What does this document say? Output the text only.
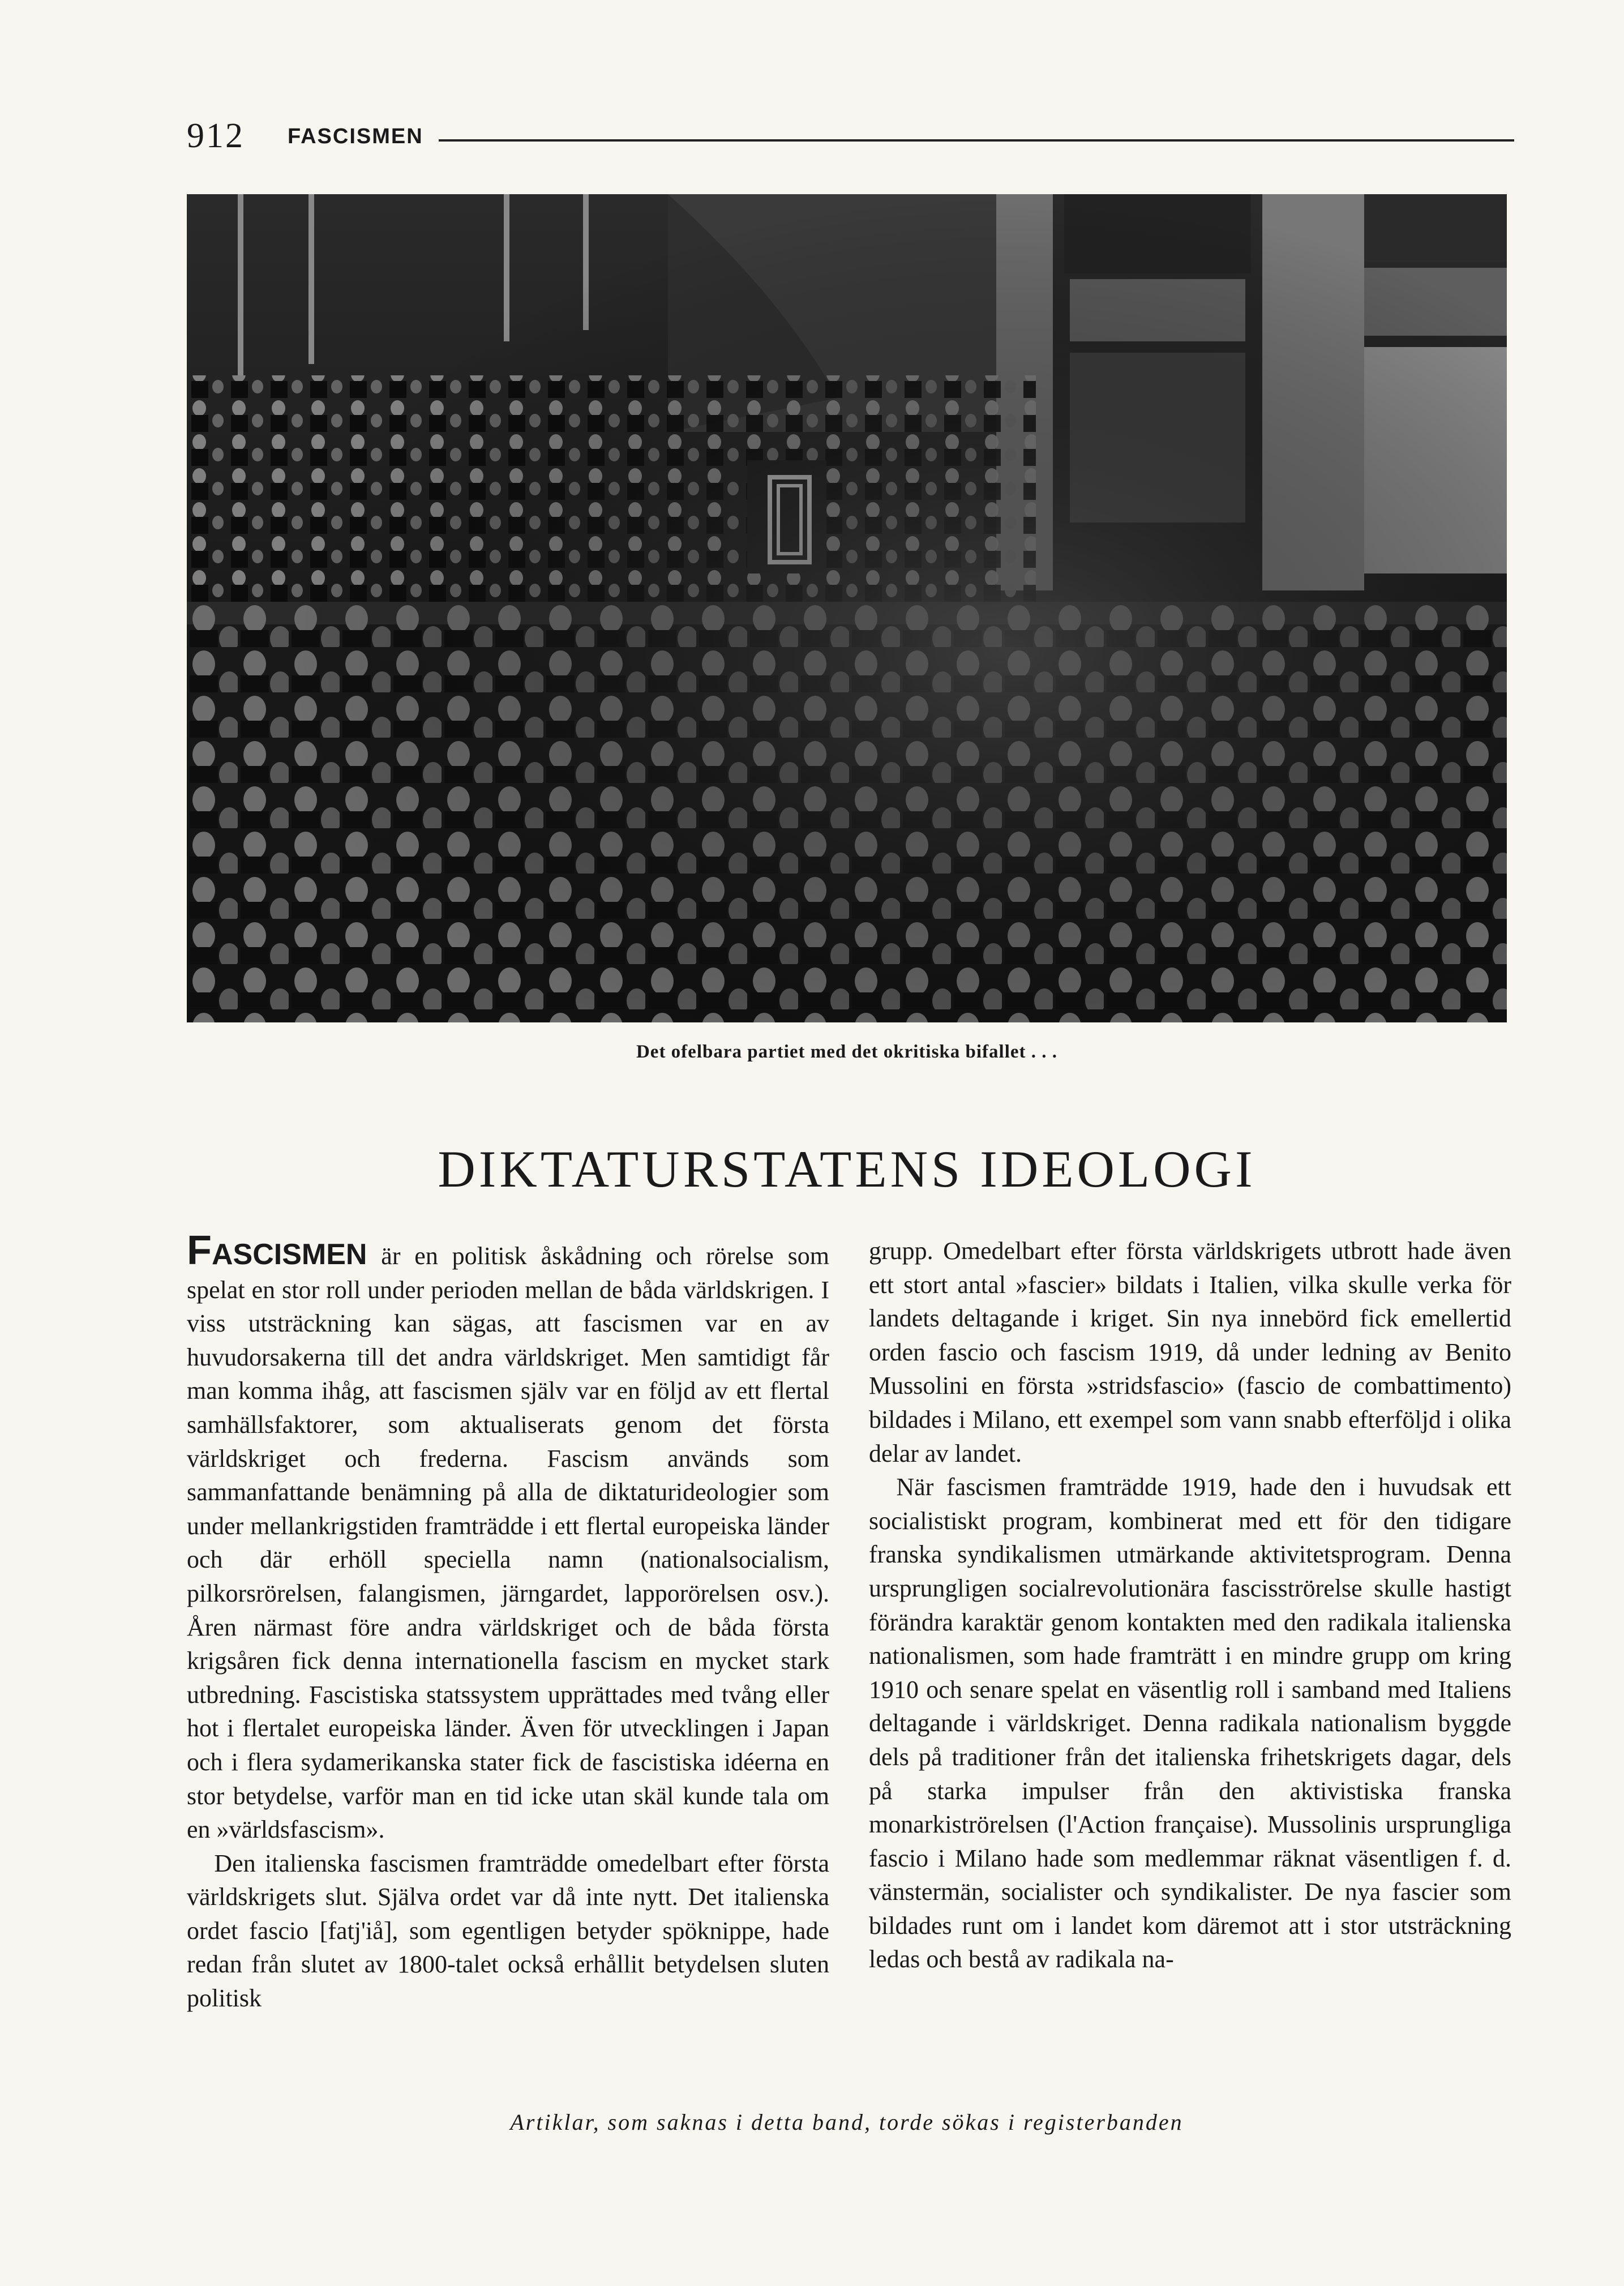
912 FASCISMEN
Det ofelbara partiet med det okritiska bifallet . . .
DIKTATURSTATENS IDEOLOGI

FASCISMEN är en politisk åskådning och rörelse som spelat en stor roll under perioden mellan de båda världskrigen. I viss utsträckning kan sägas, att fascismen var en av huvudorsakerna till det andra världskriget. Men samtidigt får man komma ihåg, att fascismen själv var en följd av ett flertal samhällsfaktorer, som aktualiserats genom det första världskriget och frederna. Fascism används som sammanfattande benämning på alla de diktaturideologier som under mellankrigstiden framträdde i ett flertal europeiska länder och där erhöll speciella namn (nationalsocialism, pilkorsrörelsen, falangismen, järngardet, lapporörelsen osv.). Åren närmast före andra världskriget och de båda första krigsåren fick denna internationella fascism en mycket stark utbredning. Fascistiska statssystem upprättades med tvång eller hot i flertalet europeiska länder. Även för utvecklingen i Japan och i flera sydamerikanska stater fick de fascistiska idéerna en stor betydelse, varför man en tid icke utan skäl kunde tala om en »världsfascism».

Den italienska fascismen framträdde omedelbart efter första världskrigets slut. Själva ordet var då inte nytt. Det italienska ordet fascio [fatj'iå], som egentligen betyder spöknippe, hade redan från slutet av 1800-talet också erhållit betydelsen sluten politisk

grupp. Omedelbart efter första världskrigets utbrott hade även ett stort antal »fascier» bildats i Italien, vilka skulle verka för landets deltagande i kriget. Sin nya innebörd fick emellertid orden fascio och fascism 1919, då under ledning av Benito Mussolini en första »stridsfascio» (fascio de combattimento) bildades i Milano, ett exempel som vann snabb efterföljd i olika delar av landet.

När fascismen framträdde 1919, hade den i huvudsak ett socialistiskt program, kombinerat med ett för den tidigare franska syndikalismen utmärkande aktivitetsprogram. Denna ursprungligen socialrevolutionära fascisströrelse skulle hastigt förändra karaktär genom kontakten med den radikala italienska nationalismen, som hade framträtt i en mindre grupp om kring 1910 och senare spelat en väsentlig roll i samband med Italiens deltagande i världskriget. Denna radikala nationalism byggde dels på traditioner från det italienska frihetskrigets dagar, dels på starka impulser från den aktivistiska franska monarkiströrelsen (l'Action française). Mussolinis ursprungliga fascio i Milano hade som medlemmar räknat väsentligen f. d. vänstermän, socialister och syndikalister. De nya fascier som bildades runt om i landet kom däremot att i stor utsträckning ledas och bestå av radikala na-

Artiklar, som saknas i detta band, torde sökas i registerbanden
